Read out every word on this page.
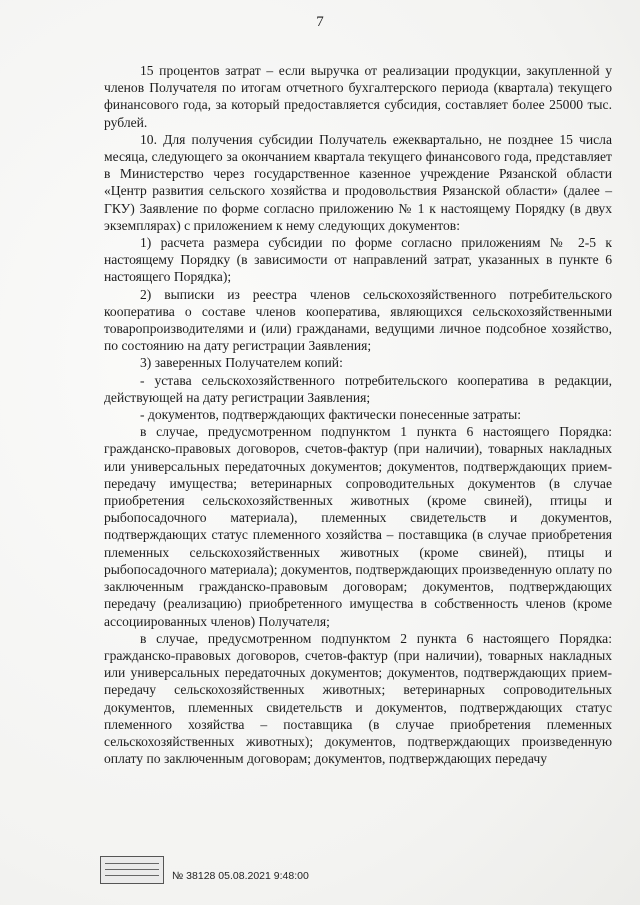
7

15 процентов затрат – если выручка от реализации продукции, закупленной у членов Получателя по итогам отчетного бухгалтерского периода (квартала) текущего финансового года, за который предоставляется субсидия, составляет более 25000 тыс. рублей.

10. Для получения субсидии Получатель ежеквартально, не позднее 15 числа месяца, следующего за окончанием квартала текущего финансового года, представляет в Министерство через государственное казенное учреждение Рязанской области «Центр развития сельского хозяйства и продовольствия Рязанской области» (далее – ГКУ) Заявление по форме согласно приложению № 1 к настоящему Порядку (в двух экземплярах) с приложением к нему следующих документов:

1) расчета размера субсидии по форме согласно приложениям № 2-5 к настоящему Порядку (в зависимости от направлений затрат, указанных в пункте 6 настоящего Порядка);

2) выписки из реестра членов сельскохозяйственного потребительского кооператива о составе членов кооператива, являющихся сельскохозяйственными товаропроизводителями и (или) гражданами, ведущими личное подсобное хозяйство, по состоянию на дату регистрации Заявления;

3) заверенных Получателем копий:

- устава сельскохозяйственного потребительского кооператива в редакции, действующей на дату регистрации Заявления;

- документов, подтверждающих фактически понесенные затраты:

в случае, предусмотренном подпунктом 1 пункта 6 настоящего Порядка: гражданско-правовых договоров, счетов-фактур (при наличии), товарных накладных или универсальных передаточных документов; документов, подтверждающих прием-передачу имущества; ветеринарных сопроводительных документов (в случае приобретения сельскохозяйственных животных (кроме свиней), птицы и рыбопосадочного материала), племенных свидетельств и документов, подтверждающих статус племенного хозяйства – поставщика (в случае приобретения племенных сельскохозяйственных животных (кроме свиней), птицы и рыбопосадочного материала); документов, подтверждающих произведенную оплату по заключенным гражданско-правовым договорам; документов, подтверждающих передачу (реализацию) приобретенного имущества в собственность членов (кроме ассоциированных членов) Получателя;

в случае, предусмотренном подпунктом 2 пункта 6 настоящего Порядка: гражданско-правовых договоров, счетов-фактур (при наличии), товарных накладных или универсальных передаточных документов; документов, подтверждающих прием-передачу сельскохозяйственных животных; ветеринарных сопроводительных документов, племенных свидетельств и документов, подтверждающих статус племенного хозяйства – поставщика (в случае приобретения племенных сельскохозяйственных животных); документов, подтверждающих произведенную оплату по заключенным договорам; документов, подтверждающих передачу

№ 38128 05.08.2021 9:48:00
